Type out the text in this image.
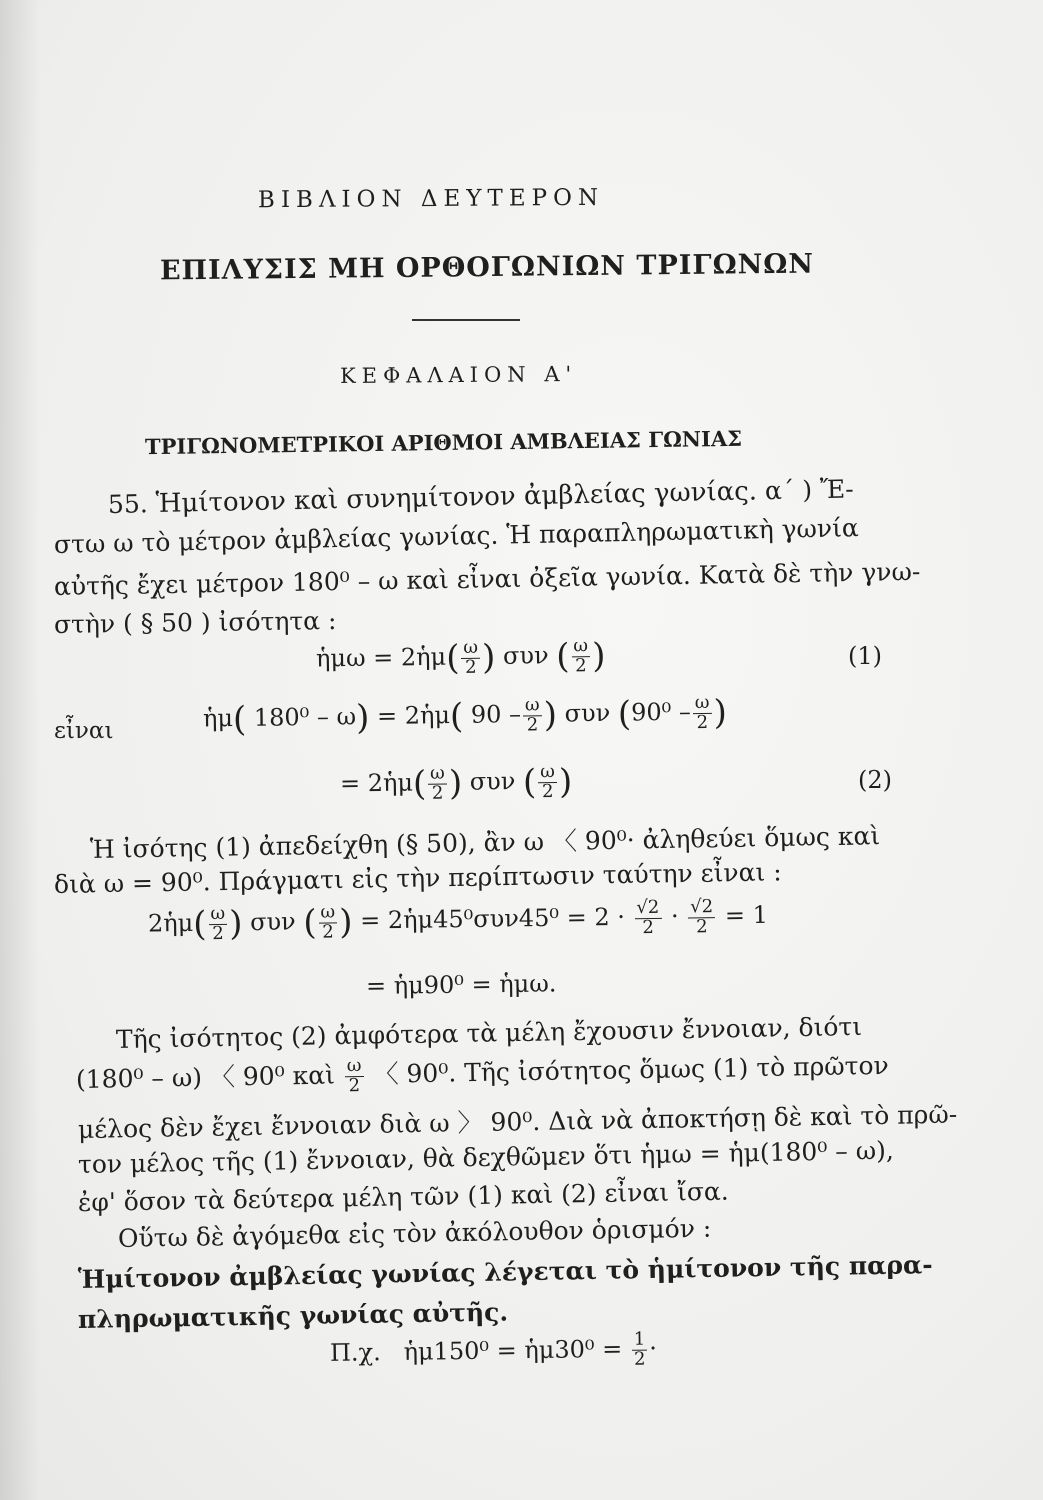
ΒΙΒΛΙΟΝ ΔΕΥΤΕΡΟΝ
ΕΠΙΛΥΣΙΣ ΜΗ ΟΡΘΟΓΩΝΙΩΝ ΤΡΙΓΩΝΩΝ
ΚΕΦΑΛΑΙΟΝ Α'
ΤΡΙΓΩΝΟΜΕΤΡΙΚΟΙ ΑΡΙΘΜΟΙ ΑΜΒΛΕΙΑΣ ΓΩΝΙΑΣ
55. Ἡμίτονον καὶ συνημίτονον ἀμβλείας γωνίας. α΄ ) Ἔ-
στω ω τὸ μέτρον ἀμβλείας γωνίας. Ἡ παραπληρωματικὴ γωνία
αὐτῆς ἔχει μέτρον 180⁰ – ω καὶ εἶναι ὀξεῖα γωνία. Κατὰ δὲ τὴν γνω-
στὴν ( § 50 ) ἰσότητα :
ἡμω = 2ἡμ( $\frac{\omega}{2}$ ) συν ( $\frac{\omega}{2}$ )	(1)
εἶναι	ἡμ( 180⁰ – ω) = 2ἡμ( $90 - \frac{\omega}{2}$ ) συν ($90^0 - \frac{\omega}{2}$ )
= 2ἡμ( $\frac{\omega}{2}$ ) συν ( $\frac{\omega}{2}$ )	(2)
Ἡ ἰσότης (1) ἀπεδείχθη (§ 50), ἂν ω 〈 90⁰· ἀληθεύει ὅμως καὶ
διὰ ω = 90⁰. Πράγματι εἰς τὴν περίπτωσιν ταύτην εἶναι :
2ἡμ( $\frac{\omega}{2}$ ) συν ( $\frac{\omega}{2}$ ) = 2ἡμ45⁰συν45⁰ = $2 \cdot \frac{√2}{2} \cdot \frac{√2}{2} = 1$
= ἡμ90⁰ = ἡμω.
Τῆς ἰσότητος (2) ἀμφότερα τὰ μέλη ἔχουσιν ἔννοιαν, διότι
(180⁰ – ω) 〈 90⁰ καὶ $\frac{\omega}{2}$ 〈 90⁰. Τῆς ἰσότητος ὅμως (1) τὸ πρῶτον
μέλος δὲν ἔχει ἔννοιαν διὰ ω 〉 90⁰. Διὰ νὰ ἀποκτήσῃ δὲ καὶ τὸ πρῶ-
τον μέλος τῆς (1) ἔννοιαν, θὰ δεχθῶμεν ὅτι ἡμω = ἡμ(180⁰ – ω),
ἐφ' ὅσον τὰ δεύτερα μέλη τῶν (1) καὶ (2) εἶναι ἴσα.
Οὕτω δὲ ἀγόμεθα εἰς τὸν ἀκόλουθον ὁρισμόν :
Ἡμίτονον ἀμβλείας γωνίας λέγεται τὸ ἡμίτονον τῆς παρα-
πληρωματικῆς γωνίας αὐτῆς.
Π.χ. ἡμ150⁰ = ἡμ30⁰ = $\frac{1}{2}$ ·
